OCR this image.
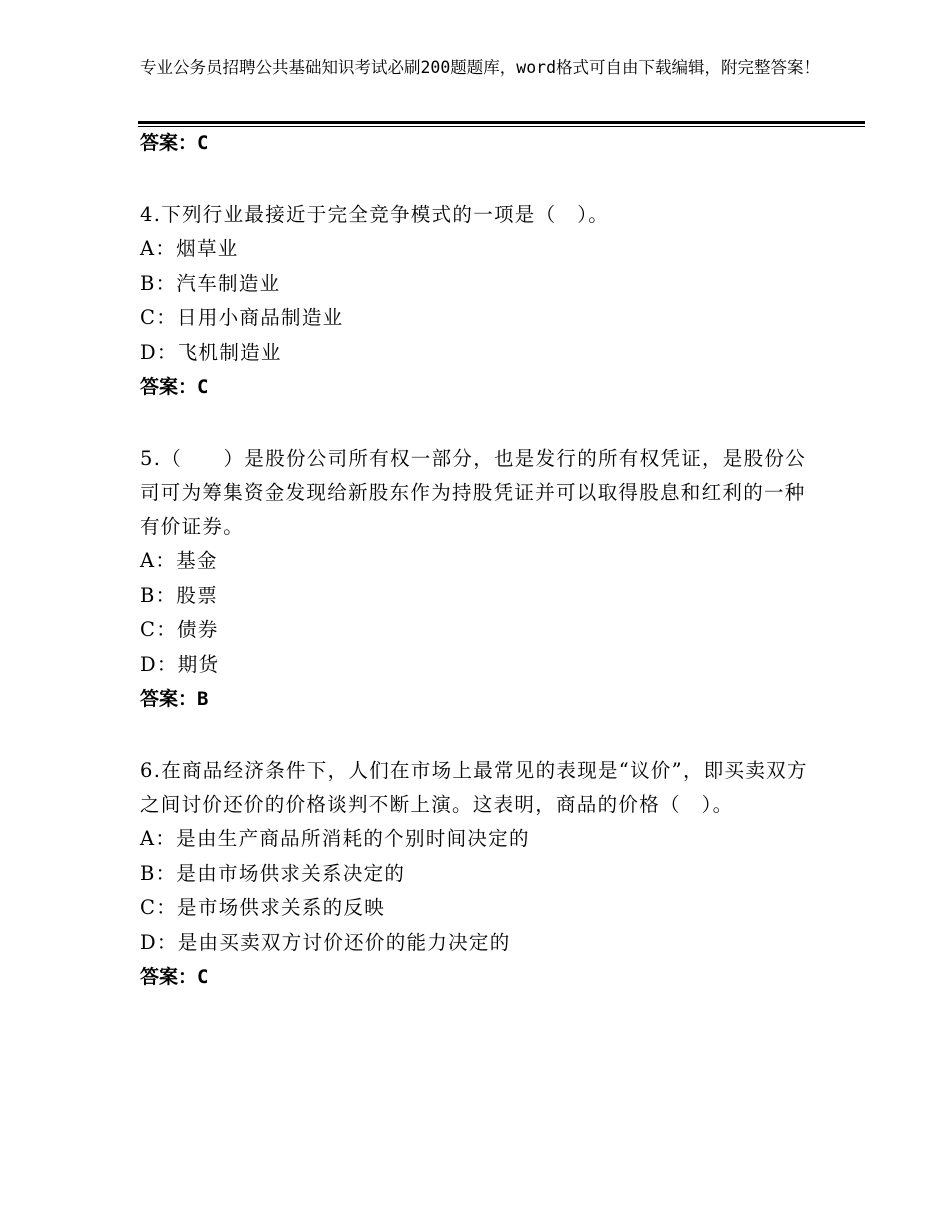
专业公务员招聘公共基础知识考试必刷200题题库，word格式可自由下载编辑，附完整答案！
答案：C

4.下列行业最接近于完全竞争模式的一项是（　）。

A：烟草业
B：汽车制造业
C：日用小商品制造业
D：飞机制造业
答案：C

5.（　　）是股份公司所有权一部分，也是发行的所有权凭证，是股份公司可为筹集资金发现给新股东作为持股凭证并可以取得股息和红利的一种有价证券。

A：基金
B：股票
C：债券
D：期货
答案：B

6.在商品经济条件下，人们在市场上最常见的表现是“议价”，即买卖双方之间讨价还价的价格谈判不断上演。这表明，商品的价格（　）。

A：是由生产商品所消耗的个别时间决定的
B：是由市场供求关系决定的
C：是市场供求关系的反映
D：是由买卖双方讨价还价的能力决定的
答案：C
